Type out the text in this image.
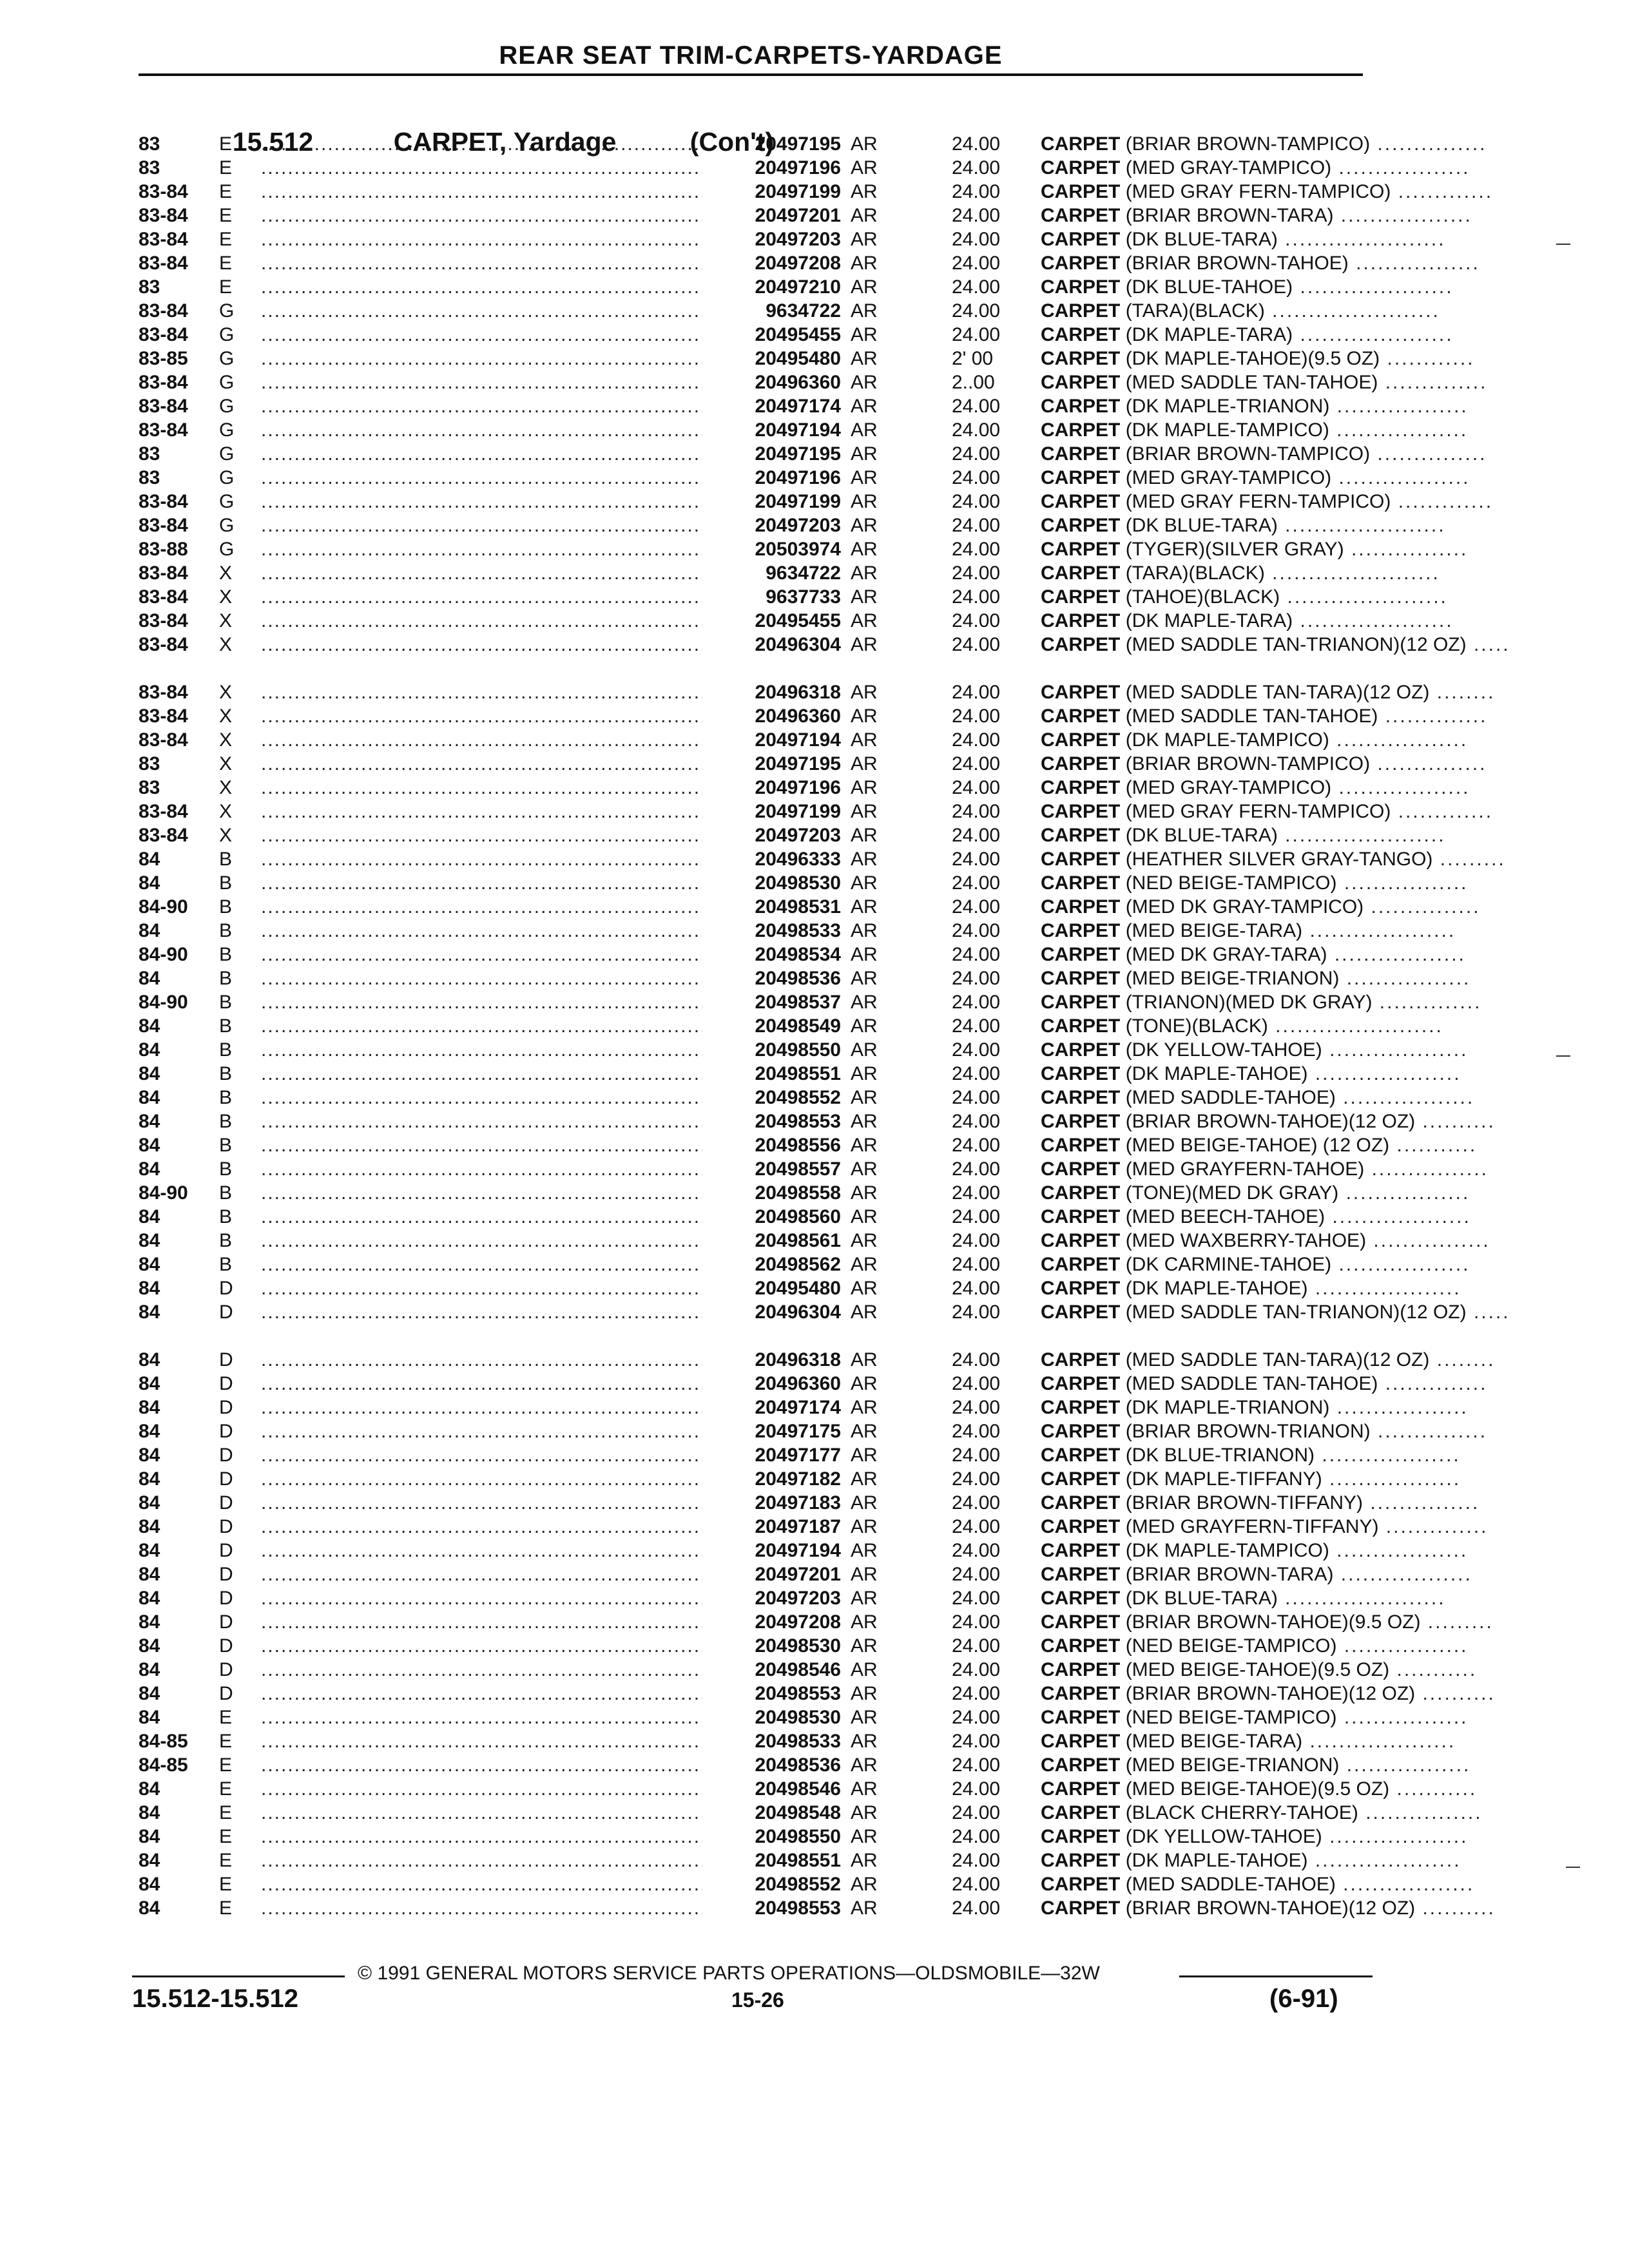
REAR SEAT TRIM-CARPETS-YARDAGE

15.512	CARPET, Yardage	(Con't)

83	E .....	20497195 AR	24.00	CARPET (BRIAR BROWN-TAMPICO) ...............
83	E .....	20497196 AR	24.00	CARPET (MED GRAY-TAMPICO) ..................
83-84	E .....	20497199 AR	24.00	CARPET (MED GRAY FERN-TAMPICO) .............
83-84	E .....	20497201 AR	24.00	CARPET (BRIAR BROWN-TARA) ..................
83-84	E .....	20497203 AR	24.00	CARPET (DK BLUE-TARA) ......................
83-84	E .....	20497208 AR	24.00	CARPET (BRIAR BROWN-TAHOE) .................
83	E .....	20497210 AR	24.00	CARPET (DK BLUE-TAHOE) .....................
83-84	G .....	9634722 AR	24.00	CARPET (TARA)(BLACK) .......................
83-84	G .....	20495455 AR	24.00	CARPET (DK MAPLE-TARA) .....................
83-85	G .....	20495480 AR	2' 00	CARPET (DK MAPLE-TAHOE)(9.5 OZ) ............
83-84	G .....	20496360 AR	2..00	CARPET (MED SADDLE TAN-TAHOE) ..............
83-84	G .....	20497174 AR	24.00	CARPET (DK MAPLE-TRIANON) ..................
83-84	G .....	20497194 AR	24.00	CARPET (DK MAPLE-TAMPICO) ..................
83	G .....	20497195 AR	24.00	CARPET (BRIAR BROWN-TAMPICO) ...............
83	G .....	20497196 AR	24.00	CARPET (MED GRAY-TAMPICO) ..................
83-84	G .....	20497199 AR	24.00	CARPET (MED GRAY FERN-TAMPICO) .............
83-84	G .....	20497203 AR	24.00	CARPET (DK BLUE-TARA) ......................
83-88	G .....	20503974 AR	24.00	CARPET (TYGER)(SILVER GRAY) ................
83-84	X .....	9634722 AR	24.00	CARPET (TARA)(BLACK) .......................
83-84	X .....	9637733 AR	24.00	CARPET (TAHOE)(BLACK) ......................
83-84	X .....	20495455 AR	24.00	CARPET (DK MAPLE-TARA) .....................
83-84	X .....	20496304 AR	24.00	CARPET (MED SADDLE TAN-TRIANON)(12 OZ) .....
83-84	X .....	20496318 AR	24.00	CARPET (MED SADDLE TAN-TARA)(12 OZ) ........
83-84	X .....	20496360 AR	24.00	CARPET (MED SADDLE TAN-TAHOE) ..............
83-84	X .....	20497194 AR	24.00	CARPET (DK MAPLE-TAMPICO) ..................
83	X .....	20497195 AR	24.00	CARPET (BRIAR BROWN-TAMPICO) ...............
83	X .....	20497196 AR	24.00	CARPET (MED GRAY-TAMPICO) ..................
83-84	X .....	20497199 AR	24.00	CARPET (MED GRAY FERN-TAMPICO) .............
83-84	X .....	20497203 AR	24.00	CARPET (DK BLUE-TARA) ......................
84	B .....	20496333 AR	24.00	CARPET (HEATHER SILVER GRAY-TANGO) .........
84	B .....	20498530 AR	24.00	CARPET (NED BEIGE-TAMPICO) .................
84-90	B .....	20498531 AR	24.00	CARPET (MED DK GRAY-TAMPICO) ...............
84	B .....	20498533 AR	24.00	CARPET (MED BEIGE-TARA) ....................
84-90	B .....	20498534 AR	24.00	CARPET (MED DK GRAY-TARA) ..................
84	B .....	20498536 AR	24.00	CARPET (MED BEIGE-TRIANON) .................
84-90	B .....	20498537 AR	24.00	CARPET (TRIANON)(MED DK GRAY) ..............
84	B .....	20498549 AR	24.00	CARPET (TONE)(BLACK) .......................
84	B .....	20498550 AR	24.00	CARPET (DK YELLOW-TAHOE) ...................
84	B .....	20498551 AR	24.00	CARPET (DK MAPLE-TAHOE) ....................
84	B .....	20498552 AR	24.00	CARPET (MED SADDLE-TAHOE) ..................
84	B .....	20498553 AR	24.00	CARPET (BRIAR BROWN-TAHOE)(12 OZ) ..........
84	B .....	20498556 AR	24.00	CARPET (MED BEIGE-TAHOE) (12 OZ) ...........
84	B .....	20498557 AR	24.00	CARPET (MED GRAYFERN-TAHOE) ................
84-90	B .....	20498558 AR	24.00	CARPET (TONE)(MED DK GRAY) .................
84	B .....	20498560 AR	24.00	CARPET (MED BEECH-TAHOE) ...................
84	B .....	20498561 AR	24.00	CARPET (MED WAXBERRY-TAHOE) ................
84	B .....	20498562 AR	24.00	CARPET (DK CARMINE-TAHOE) ..................
84	D .....	20495480 AR	24.00	CARPET (DK MAPLE-TAHOE) ....................
84	D .....	20496304 AR	24.00	CARPET (MED SADDLE TAN-TRIANON)(12 OZ) .....
84	D .....	20496318 AR	24.00	CARPET (MED SADDLE TAN-TARA)(12 OZ) ........
84	D .....	20496360 AR	24.00	CARPET (MED SADDLE TAN-TAHOE) ..............
84	D .....	20497174 AR	24.00	CARPET (DK MAPLE-TRIANON) ..................
84	D .....	20497175 AR	24.00	CARPET (BRIAR BROWN-TRIANON) ...............
84	D .....	20497177 AR	24.00	CARPET (DK BLUE-TRIANON) ...................
84	D .....	20497182 AR	24.00	CARPET (DK MAPLE-TIFFANY) ..................
84	D .....	20497183 AR	24.00	CARPET (BRIAR BROWN-TIFFANY) ...............
84	D .....	20497187 AR	24.00	CARPET (MED GRAYFERN-TIFFANY) ..............
84	D .....	20497194 AR	24.00	CARPET (DK MAPLE-TAMPICO) ..................
84	D .....	20497201 AR	24.00	CARPET (BRIAR BROWN-TARA) ..................
84	D .....	20497203 AR	24.00	CARPET (DK BLUE-TARA) ......................
84	D .....	20497208 AR	24.00	CARPET (BRIAR BROWN-TAHOE)(9.5 OZ) .........
84	D .....	20498530 AR	24.00	CARPET (NED BEIGE-TAMPICO) .................
84	D .....	20498546 AR	24.00	CARPET (MED BEIGE-TAHOE)(9.5 OZ) ...........
84	D .....	20498553 AR	24.00	CARPET (BRIAR BROWN-TAHOE)(12 OZ) ..........
84	E .....	20498530 AR	24.00	CARPET (NED BEIGE-TAMPICO) .................
84-85	E .....	20498533 AR	24.00	CARPET (MED BEIGE-TARA) ....................
84-85	E .....	20498536 AR	24.00	CARPET (MED BEIGE-TRIANON) .................
84	E .....	20498546 AR	24.00	CARPET (MED BEIGE-TAHOE)(9.5 OZ) ...........
84	E .....	20498548 AR	24.00	CARPET (BLACK CHERRY-TAHOE) ................
84	E .....	20498550 AR	24.00	CARPET (DK YELLOW-TAHOE) ...................
84	E .....	20498551 AR	24.00	CARPET (DK MAPLE-TAHOE) ....................
84	E .....	20498552 AR	24.00	CARPET (MED SADDLE-TAHOE) ..................
84	E .....	20498553 AR	24.00	CARPET (BRIAR BROWN-TAHOE)(12 OZ) ..........
© 1991 GENERAL MOTORS SERVICE PARTS OPERATIONS—OLDSMOBILE—32W
15.512-15.512	15-26	(6-91)
